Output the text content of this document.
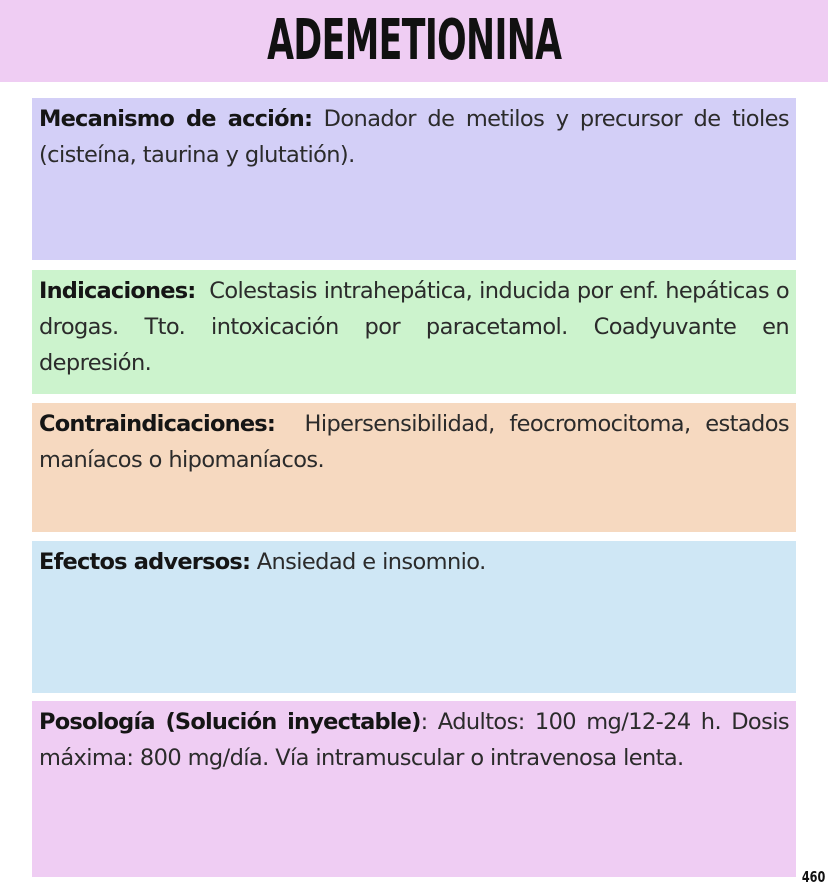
ADEMETIONINA
Mecanismo de acción: Donador de metilos y precursor de tioles (cisteína, taurina y glutatión).
Indicaciones:  Colestasis intrahepática, inducida por enf. hepáticas o drogas. Tto. intoxicación por paracetamol. Coadyuvante en depresión.
Contraindicaciones:  Hipersensibilidad, feocromocitoma, estados maníacos o hipomaníacos.
Efectos adversos: Ansiedad e insomnio.
Posología (Solución inyectable): Adultos: 100 mg/12-24 h. Dosis máxima: 800 mg/día. Vía intramuscular o intravenosa lenta.
460
